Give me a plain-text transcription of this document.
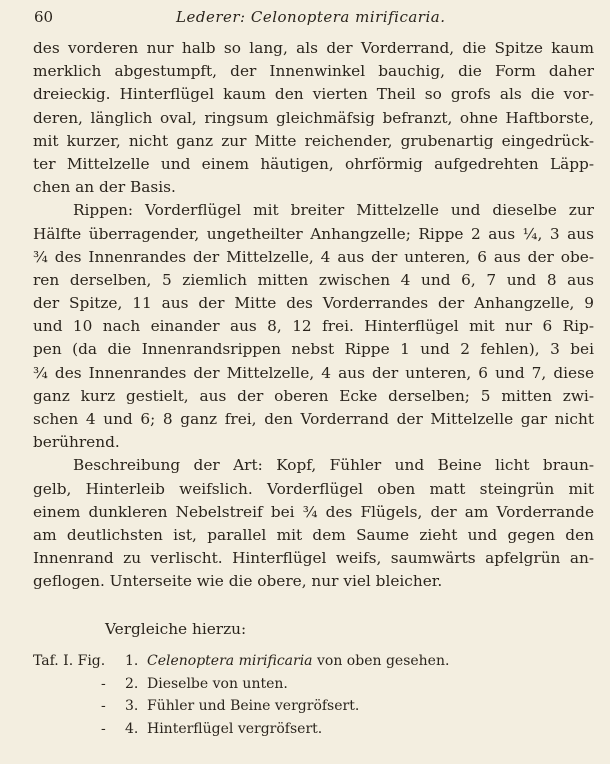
60	Lederer: Celonoptera mirificaria.
des vorderen nur halb so lang, als der Vorderrand, die Spitze kaum
merklich abgestumpft, der Innenwinkel bauchig, die Form daher
dreieckig. Hinterflügel kaum den vierten Theil so grofs als die vor-
deren, länglich oval, ringsum gleichmäfsig befranzt, ohne Haftborste,
mit kurzer, nicht ganz zur Mitte reichender, grubenartig eingedrück-
ter Mittelzelle und einem häutigen, ohrförmig aufgedrehten Läpp-
chen an der Basis.
Rippen: Vorderflügel mit breiter Mittelzelle und dieselbe zur
Hälfte überragender, ungetheilter Anhangzelle; Rippe 2 aus ¼, 3 aus
¾ des Innenrandes der Mittelzelle, 4 aus der unteren, 6 aus der obe-
ren derselben, 5 ziemlich mitten zwischen 4 und 6, 7 und 8 aus
der Spitze, 11 aus der Mitte des Vorderrandes der Anhangzelle, 9
und 10 nach einander aus 8, 12 frei. Hinterflügel mit nur 6 Rip-
pen (da die Innenrandsrippen nebst Rippe 1 und 2 fehlen), 3 bei
¾ des Innenrandes der Mittelzelle, 4 aus der unteren, 6 und 7, diese
ganz kurz gestielt, aus der oberen Ecke derselben; 5 mitten zwi-
schen 4 und 6; 8 ganz frei, den Vorderrand der Mittelzelle gar nicht
berührend.
Beschreibung der Art: Kopf, Fühler und Beine licht braun-
gelb, Hinterleib weifslich. Vorderflügel oben matt steingrün mit
einem dunkleren Nebelstreif bei ¾ des Flügels, der am Vorderrande
am deutlichsten ist, parallel mit dem Saume zieht und gegen den
Innenrand zu verlischt. Hinterflügel weifs, saumwärts apfelgrün an-
geflogen. Unterseite wie die obere, nur viel bleicher.
Vergleiche hierzu:
Taf. I. Fig.	1. Celenoptera mirificaria von oben gesehen.
- 2. Dieselbe von unten.
- 3. Fühler und Beine vergröfsert.
- 4. Hinterflügel vergröfsert.
